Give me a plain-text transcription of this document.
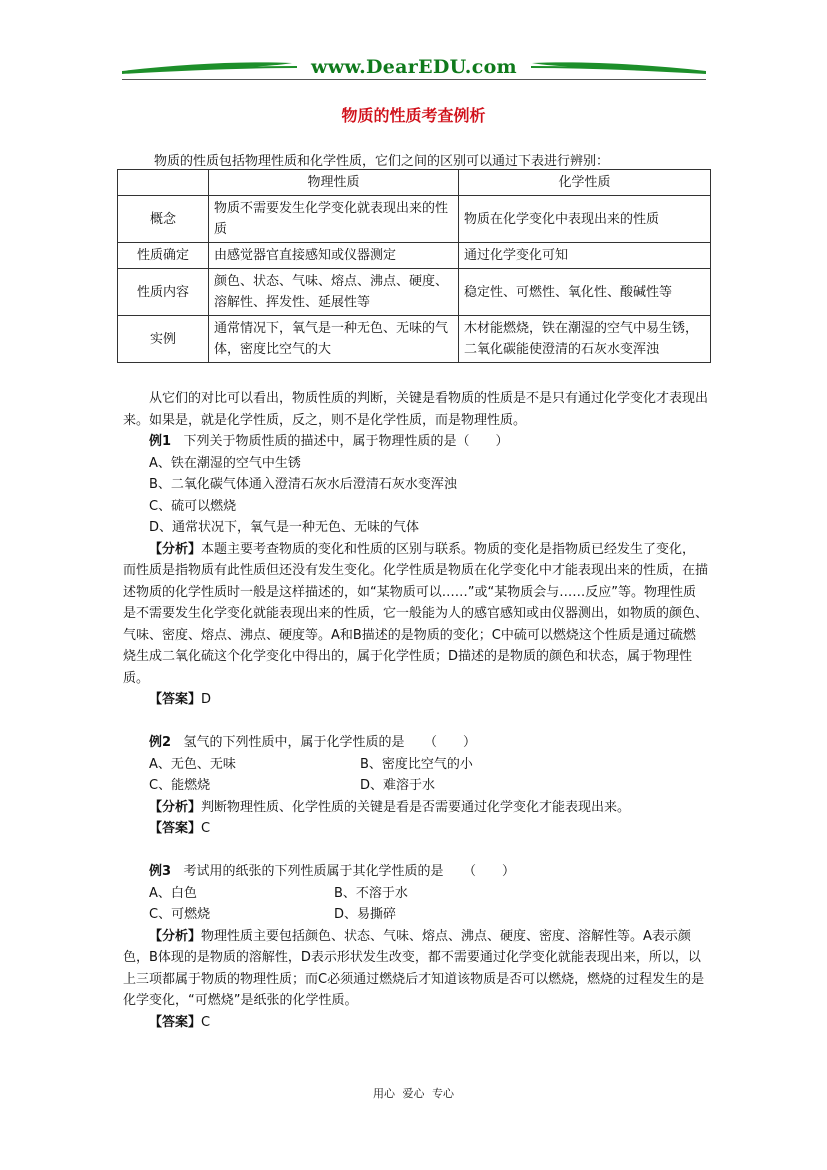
www.DearEDU.com
物质的性质考查例析
物质的性质包括物理性质和化学性质，它们之间的区别可以通过下表进行辨别：
	物理性质	化学性质
概念	物质不需要发生化学变化就表现出来的性质	物质在化学变化中表现出来的性质
性质确定	由感觉器官直接感知或仪器测定	通过化学变化可知
性质内容	颜色、状态、气味、熔点、沸点、硬度、溶解性、挥发性、延展性等	稳定性、可燃性、氧化性、酸碱性等
实例	通常情况下，氧气是一种无色、无味的气体，密度比空气的大	木材能燃烧，铁在潮湿的空气中易生锈，二氧化碳能使澄清的石灰水变浑浊

从它们的对比可以看出，物质性质的判断，关键是看物质的性质是不是只有通过化学变化才表现出来。如果是，就是化学性质，反之，则不是化学性质，而是物理性质。

例1 下列关于物质性质的描述中，属于物理性质的是（　　）

A、铁在潮湿的空气中生锈

B、二氧化碳气体通入澄清石灰水后澄清石灰水变浑浊

C、硫可以燃烧

D、通常状况下，氧气是一种无色、无味的气体

【分析】本题主要考查物质的变化和性质的区别与联系。物质的变化是指物质已经发生了变化，而性质是指物质有此性质但还没有发生变化。化学性质是物质在化学变化中才能表现出来的性质，在描述物质的化学性质时一般是这样描述的，如“某物质可以……”或“某物质会与……反应”等。物理性质是不需要发生化学变化就能表现出来的性质，它一般能为人的感官感知或由仪器测出，如物质的颜色、气味、密度、熔点、沸点、硬度等。A和B描述的是物质的变化；C中硫可以燃烧这个性质是通过硫燃烧生成二氧化硫这个化学变化中得出的，属于化学性质；D描述的是物质的颜色和状态，属于物理性质。

【答案】D

例2 氢气的下列性质中，属于化学性质的是　　（　　）

A、无色、无味	B、密度比空气的小
C、能燃烧	D、难溶于水

【分析】判断物理性质、化学性质的关键是看是否需要通过化学变化才能表现出来。

【答案】C

例3 考试用的纸张的下列性质属于其化学性质的是　　（　　）

A、白色	B、不溶于水
C、可燃烧	D、易撕碎

【分析】物理性质主要包括颜色、状态、气味、熔点、沸点、硬度、密度、溶解性等。A表示颜色，B体现的是物质的溶解性，D表示形状发生改变，都不需要通过化学变化就能表现出来，所以，以上三项都属于物质的物理性质；而C必须通过燃烧后才知道该物质是否可以燃烧，燃烧的过程发生的是化学变化，“可燃烧”是纸张的化学性质。

【答案】C

用心 爱心 专心
